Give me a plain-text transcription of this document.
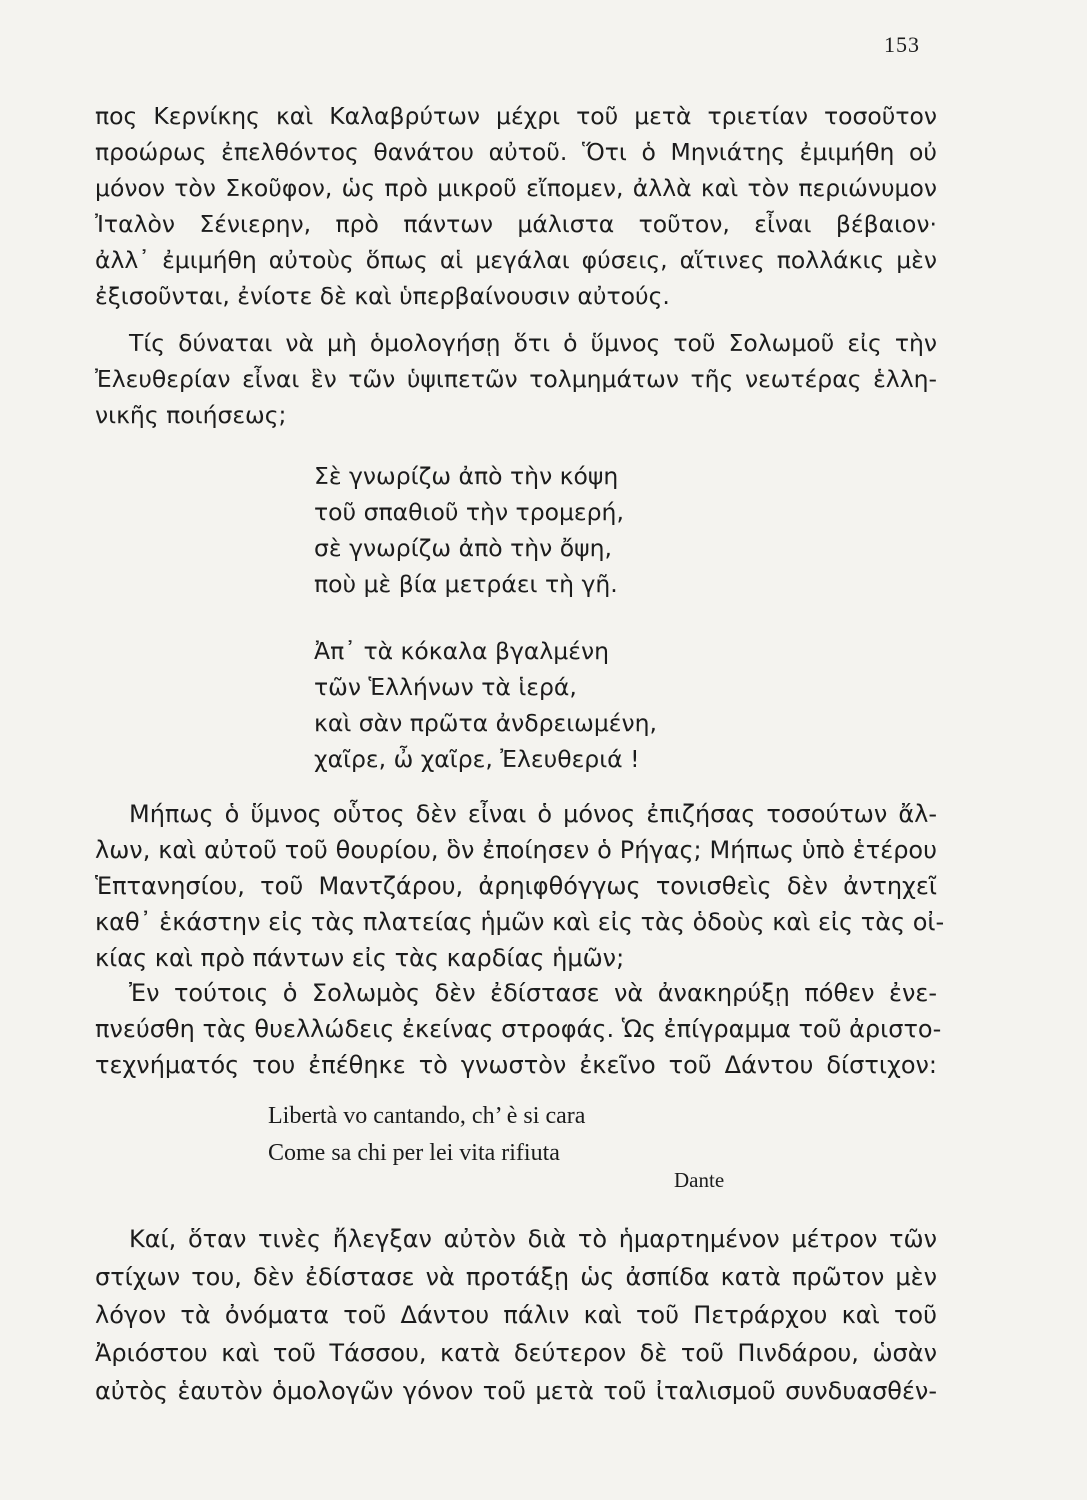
153
πος Κερνίκης καὶ Καλαβρύτων μέχρι τοῦ μετὰ τριετίαν τοσοῦτον
προώρως ἐπελθόντος θανάτου αὐτοῦ. Ὅτι ὁ Μηνιάτης ἐμιμήθη οὐ
μόνον τὸν Σκοῦφον, ὡς πρὸ μικροῦ εἴπομεν, ἀλλὰ καὶ τὸν περιώνυμον
Ἰταλὸν Σένιερην, πρὸ πάντων μάλιστα τοῦτον, εἶναι βέβαιον·
ἀλλ᾽ ἐμιμήθη αὐτοὺς ὅπως αἱ μεγάλαι φύσεις, αἵτινες πολλάκις μὲν
ἐξισοῦνται, ἐνίοτε δὲ καὶ ὑπερβαίνουσιν αὐτούς.
Τίς δύναται νὰ μὴ ὁμολογήσῃ ὅτι ὁ ὕμνος τοῦ Σολωμοῦ εἰς τὴν
Ἐλευθερίαν εἶναι ἓν τῶν ὑψιπετῶν τολμημάτων τῆς νεωτέρας ἑλλη-
νικῆς ποιήσεως;
Σὲ γνωρίζω ἀπὸ τὴν κόψη
τοῦ σπαθιοῦ τὴν τρομερή,
σὲ γνωρίζω ἀπὸ τὴν ὄψη,
ποὺ μὲ βία μετράει τὴ γῆ.
Ἀπ᾽ τὰ κόκαλα βγαλμένη
τῶν Ἑλλήνων τὰ ἱερά,
καὶ σὰν πρῶτα ἀνδρειωμένη,
χαῖρε, ὦ χαῖρε, Ἐλευθεριά !
Μήπως ὁ ὕμνος οὗτος δὲν εἶναι ὁ μόνος ἐπιζήσας τοσούτων ἄλ-
λων, καὶ αὐτοῦ τοῦ θουρίου, ὃν ἐποίησεν ὁ Ρήγας; Μήπως ὑπὸ ἑτέρου
Ἑπτανησίου, τοῦ Μαντζάρου, ἀρηιφθόγγως τονισθεὶς δὲν ἀντηχεῖ
καθ᾽ ἑκάστην εἰς τὰς πλατείας ἡμῶν καὶ εἰς τὰς ὁδοὺς καὶ εἰς τὰς οἰ-
κίας καὶ πρὸ πάντων εἰς τὰς καρδίας ἡμῶν;
Ἐν τούτοις ὁ Σολωμὸς δὲν ἐδίστασε νὰ ἀνακηρύξῃ πόθεν ἐνε-
πνεύσθη τὰς θυελλώδεις ἐκείνας στροφάς. Ὡς ἐπίγραμμα τοῦ ἀριστο-
τεχνήματός του ἐπέθηκε τὸ γνωστὸν ἐκεῖνο τοῦ Δάντου δίστιχον:
Libertà vo cantando, ch’ è si cara
Come sa chi per lei vita rifiuta
Dante
Καί, ὅταν τινὲς ἤλεγξαν αὐτὸν διὰ τὸ ἡμαρτημένον μέτρον τῶν
στίχων του, δὲν ἐδίστασε νὰ προτάξῃ ὡς ἀσπίδα κατὰ πρῶτον μὲν
λόγον τὰ ὀνόματα τοῦ Δάντου πάλιν καὶ τοῦ Πετράρχου καὶ τοῦ
Ἀριόστου καὶ τοῦ Τάσσου, κατὰ δεύτερον δὲ τοῦ Πινδάρου, ὡσὰν
αὐτὸς ἑαυτὸν ὁμολογῶν γόνον τοῦ μετὰ τοῦ ἰταλισμοῦ συνδυασθέν-
